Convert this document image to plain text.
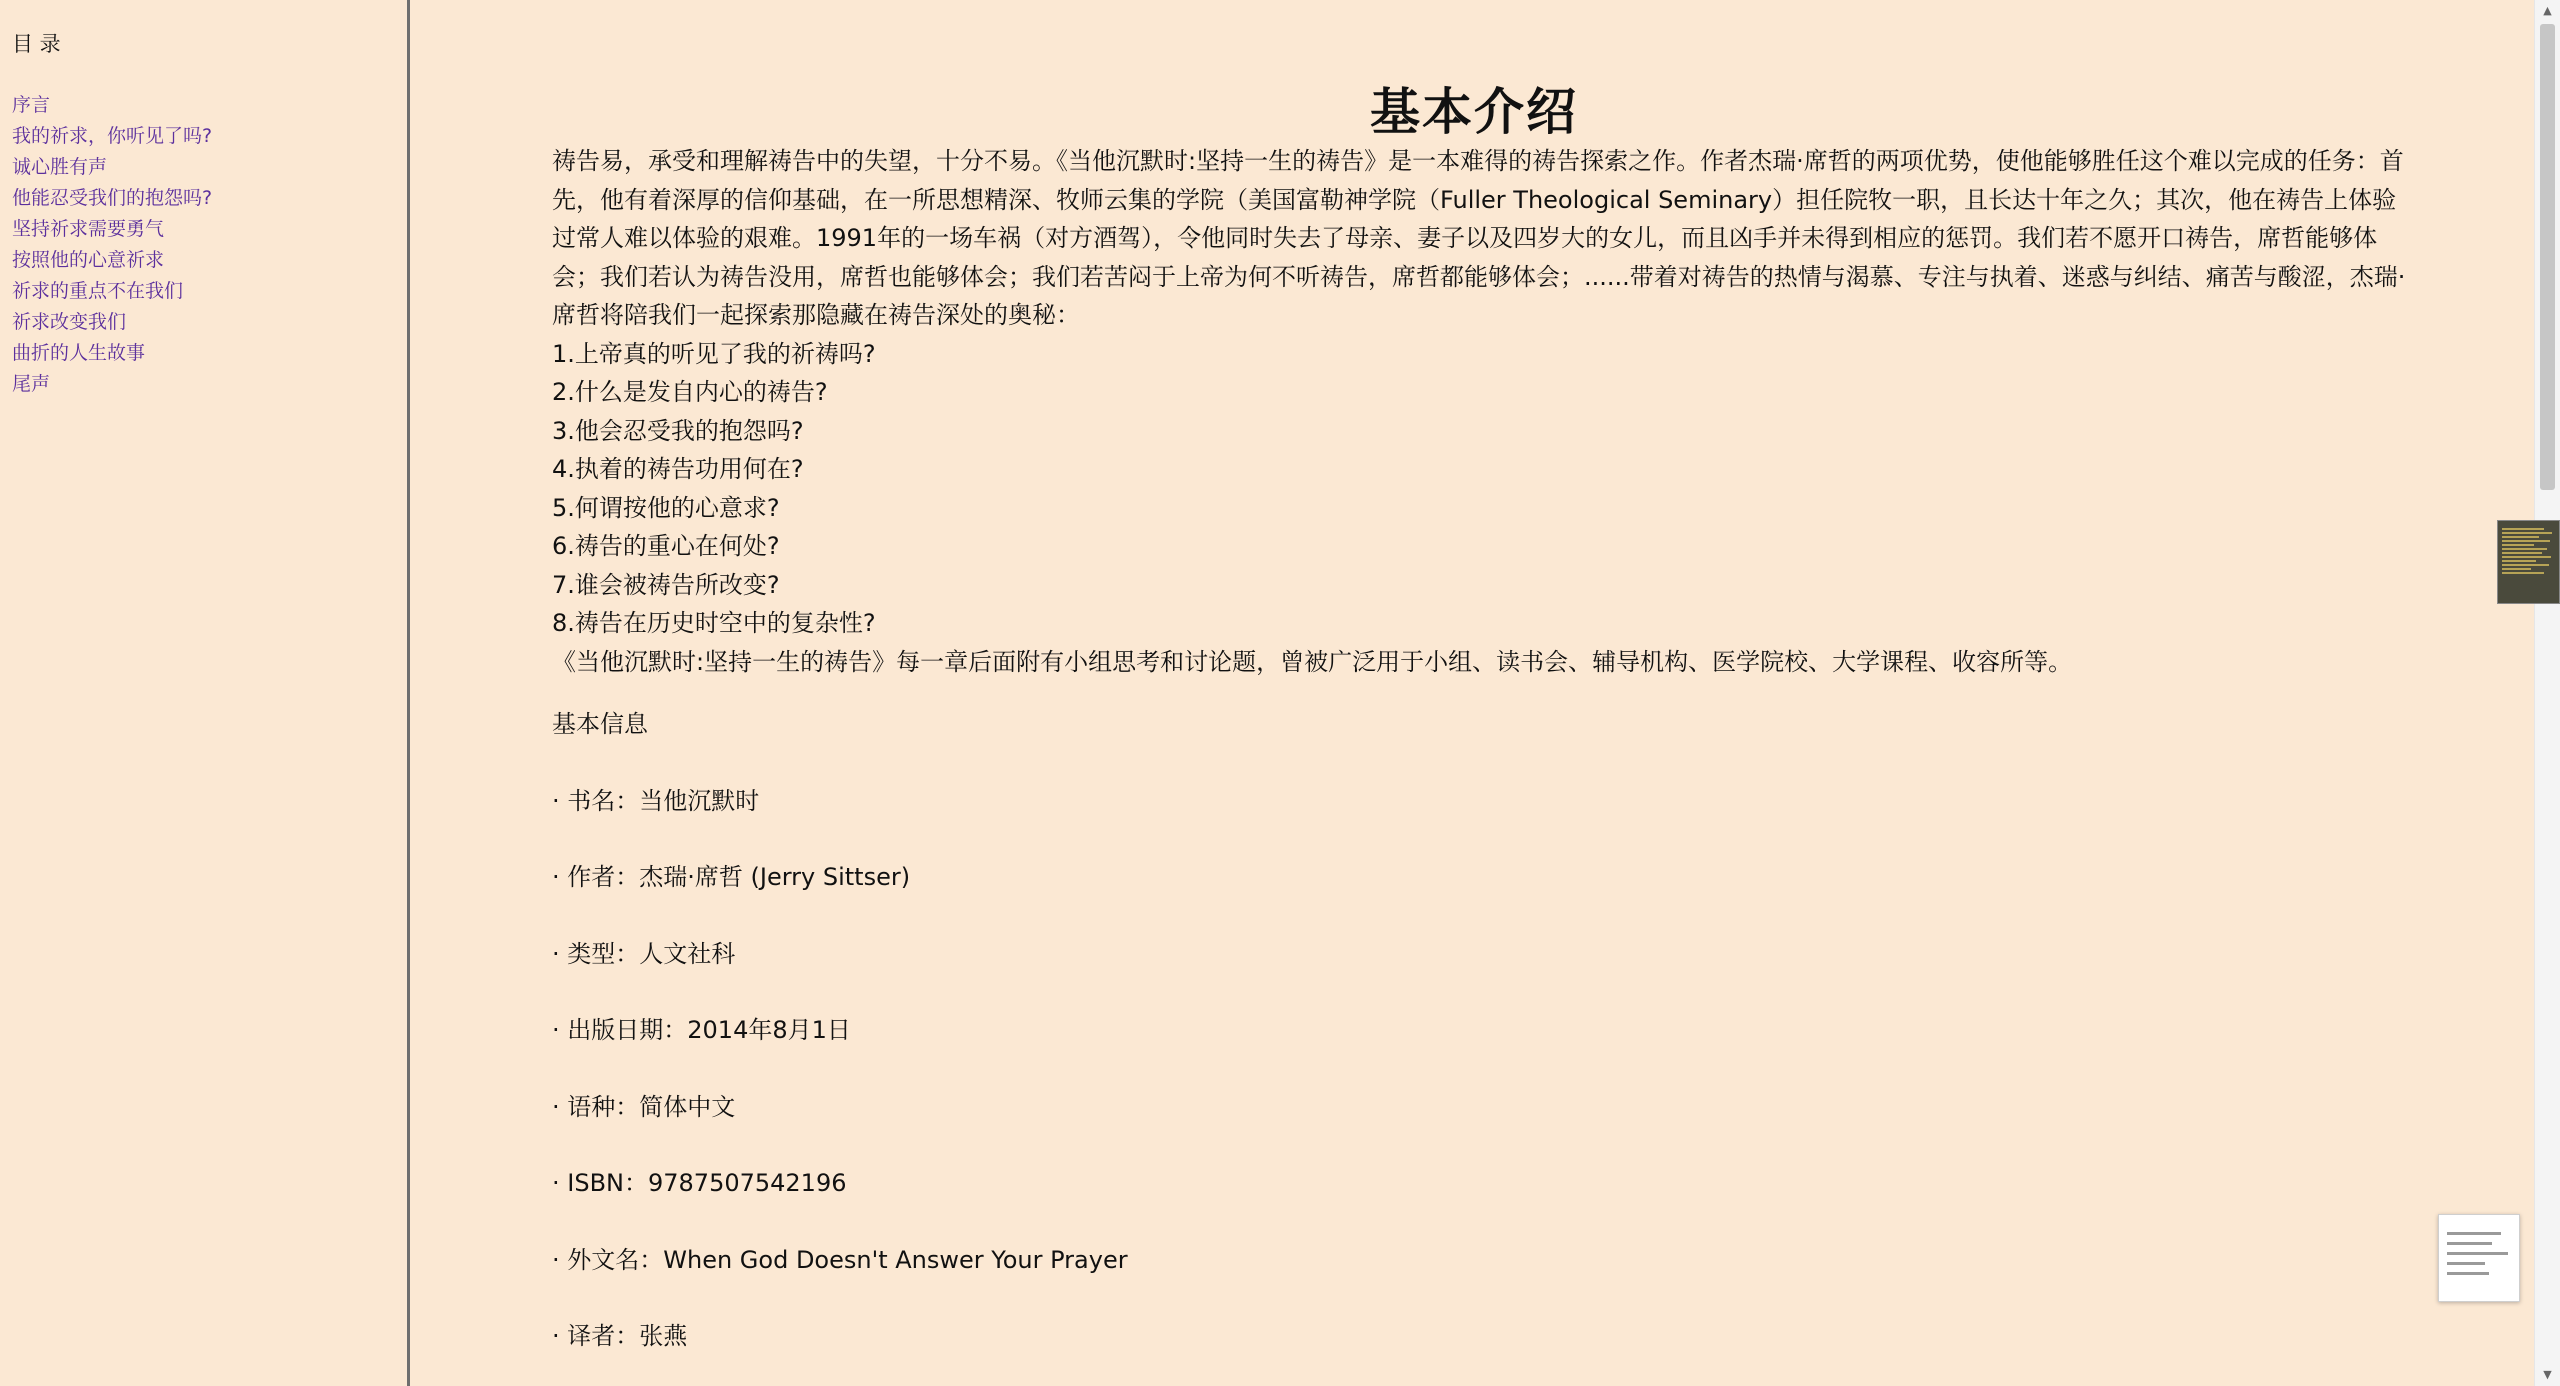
目 录
序言
我的祈求，你听见了吗?
诚心胜有声
他能忍受我们的抱怨吗?
坚持祈求需要勇气
按照他的心意祈求
祈求的重点不在我们
祈求改变我们
曲折的人生故事
尾声
基本介绍

祷告易，承受和理解祷告中的失望，十分不易。《当他沉默时:坚持一生的祷告》是一本难得的祷告探索之作。作者杰瑞·席哲的两项优势，使他能够胜任这个难以完成的任务：首先，他有着深厚的信仰基础，在一所思想精深、牧师云集的学院（美国富勒神学院（Fuller Theological Seminary）担任院牧一职，且长达十年之久；其次，他在祷告上体验过常人难以体验的艰难。1991年的一场车祸（对方酒驾），令他同时失去了母亲、妻子以及四岁大的女儿，而且凶手并未得到相应的惩罚。我们若不愿开口祷告，席哲能够体会；我们若认为祷告没用，席哲也能够体会；我们若苦闷于上帝为何不听祷告，席哲都能够体会；......带着对祷告的热情与渴慕、专注与执着、迷惑与纠结、痛苦与酸涩，杰瑞·席哲将陪我们一起探索那隐藏在祷告深处的奥秘：

1.上帝真的听见了我的祈祷吗?

2.什么是发自内心的祷告?

3.他会忍受我的抱怨吗?

4.执着的祷告功用何在?

5.何谓按他的心意求?

6.祷告的重心在何处?

7.谁会被祷告所改变?

8.祷告在历史时空中的复杂性?

《当他沉默时:坚持一生的祷告》每一章后面附有小组思考和讨论题，曾被广泛用于小组、读书会、辅导机构、医学院校、大学课程、收容所等。

基本信息

· 书名：当他沉默时

· 作者：杰瑞·席哲 (Jerry Sittser)

· 类型：人文社科

· 出版日期：2014年8月1日

· 语种：简体中文

· ISBN：9787507542196

· 外文名：When God Doesn't Answer Your Prayer

· 译者：张燕

▲
▼
